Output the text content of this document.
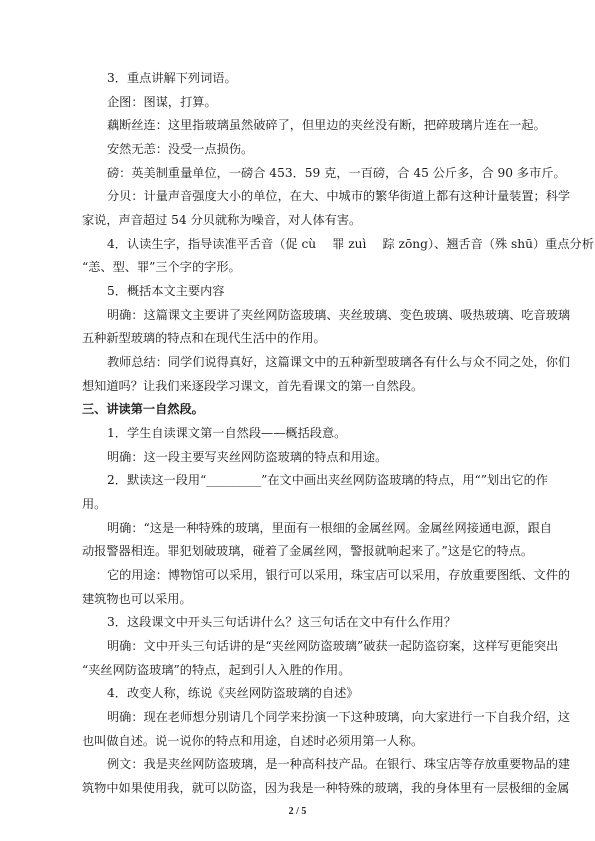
3．重点讲解下列词语。
企图：图谋，打算。
藕断丝连：这里指玻璃虽然破碎了，但里边的夹丝没有断，把碎玻璃片连在一起。
安然无恙：没受一点损伤。
磅：英美制重量单位，一磅合 453．59 克，一百磅，合 45 公斤多，合 90 多市斤。
分贝：计量声音强度大小的单位，在大、中城市的繁华街道上都有这种计量装置；科学
家说，声音超过 54 分贝就称为噪音，对人体有害。
4．认读生字，指导读准平舌音（促 cù　 罪 zuì　 踪 zōng）、翘舌音（殊 shū）重点分析
“恙、型、罪”三个字的字形。
5．概括本文主要内容
明确：这篇课文主要讲了夹丝网防盗玻璃、夹丝玻璃、变色玻璃、吸热玻璃、吃音玻璃
五种新型玻璃的特点和在现代生活中的作用。
教师总结：同学们说得真好，这篇课文中的五种新型玻璃各有什么与众不同之处，你们
想知道吗？让我们来逐段学习课文，首先看课文的第一自然段。
三、讲读第一自然段。
1．学生自读课文第一自然段——概括段意。
明确：这一段主要写夹丝网防盗玻璃的特点和用途。
2．默读这一段用“_________”在文中画出夹丝网防盗玻璃的特点，用“”划出它的作
用。
明确：“这是一种特殊的玻璃，里面有一根细的金属丝网。金属丝网接通电源，跟自
动报警器相连。罪犯划破玻璃，碰着了金属丝网，警报就响起来了。”这是它的特点。
它的用途：博物馆可以采用，银行可以采用，珠宝店可以采用，存放重要图纸、文件的
建筑物也可以采用。
3．这段课文中开头三句话讲什么？这三句话在文中有什么作用？
明确：文中开头三句话讲的是“夹丝网防盗玻璃”破获一起防盗窃案，这样写更能突出
“夹丝网防盗玻璃”的特点，起到引人入胜的作用。
4．改变人称，练说《夹丝网防盗玻璃的自述》
明确：现在老师想分别请几个同学来扮演一下这种玻璃，向大家进行一下自我介绍，这
也叫做自述。说一说你的特点和用途，自述时必须用第一人称。
例文：我是夹丝网防盗玻璃，是一种高科技产品。在银行、珠宝店等存放重要物品的建
筑物中如果使用我，就可以防盗，因为我是一种特殊的玻璃，我的身体里有一层极细的金属
2 / 5
